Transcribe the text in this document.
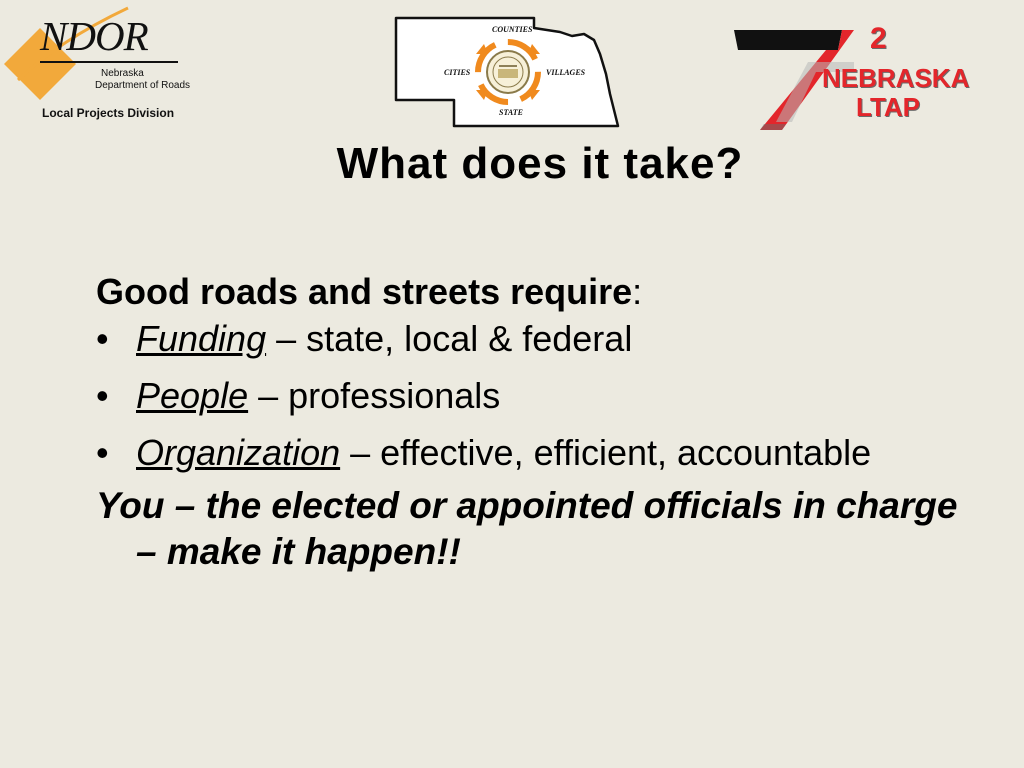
NDOR
Nebraska
Department of Roads
Local Projects Division
COUNTIES
CITIES	VILLAGES
STATE
2
NEBRASKA
LTAP
What does it take?

Good roads and streets require:

• Funding – state, local & federal
• People – professionals
• Organization – effective, efficient, accountable

You – the elected or appointed officials in charge – make it happen!!
